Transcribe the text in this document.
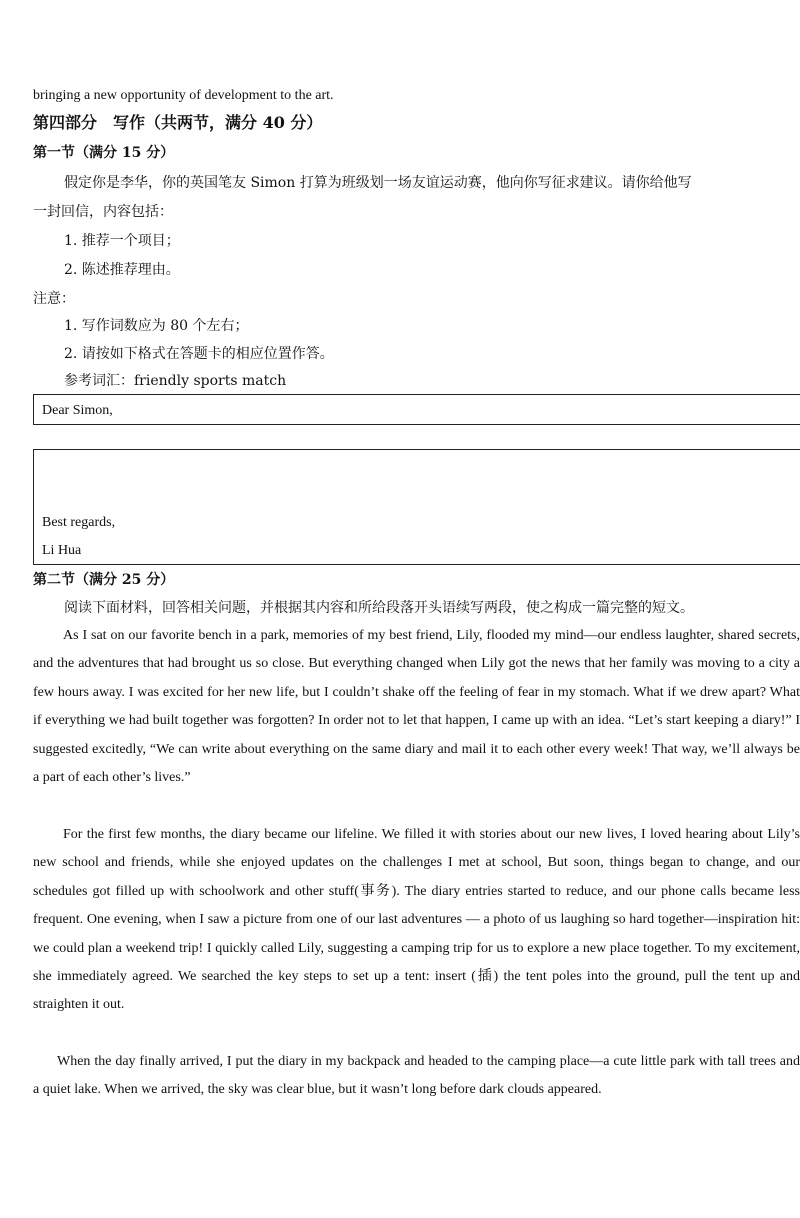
bringing a new opportunity of development to the art.
第四部分　写作（共两节，满分 40 分）
第一节（满分 15 分）
假定你是李华，你的英国笔友 Simon 打算为班级划一场友谊运动赛，他向你写征求建议。请你给他写
一封回信，内容包括：
1. 推荐一个项目；
2. 陈述推荐理由。
注意：
1. 写作词数应为 80 个左右；
2. 请按如下格式在答题卡的相应位置作答。
参考词汇：friendly sports match
Dear Simon,
Best regards,
Li Hua
第二节（满分 25 分）
阅读下面材料，回答相关问题，并根据其内容和所给段落开头语续写两段，使之构成一篇完整的短文。
As I sat on our favorite bench in a park, memories of my best friend, Lily, flooded my mind—our endless laughter, shared secrets, and the adventures that had brought us so close. But everything changed when Lily got the news that her family was moving to a city a few hours away. I was excited for her new life, but I couldn’t shake off the feeling of fear in my stomach. What if we drew apart? What if everything we had built together was forgotten? In order not to let that happen, I came up with an idea. “Let’s start keeping a diary!” I suggested excitedly, “We can write about everything on the same diary and mail it to each other every week! That way, we’ll always be a part of each other’s lives.”
For the first few months, the diary became our lifeline. We filled it with stories about our new lives, I loved hearing about Lily’s new school and friends, while she enjoyed updates on the challenges I met at school, But soon, things began to change, and our schedules got filled up with schoolwork and other stuff(事务). The diary entries started to reduce, and our phone calls became less frequent. One evening, when I saw a picture from one of our last adventures — a photo of us laughing so hard together—inspiration hit: we could plan a weekend trip! I quickly called Lily, suggesting a camping trip for us to explore a new place together. To my excitement, she immediately agreed. We searched the key steps to set up a tent: insert (插) the tent poles into the ground, pull the tent up and straighten it out.
When the day finally arrived, I put the diary in my backpack and headed to the camping place—a cute little park with tall trees and a quiet lake. When we arrived, the sky was clear blue, but it wasn’t long before dark clouds appeared.
